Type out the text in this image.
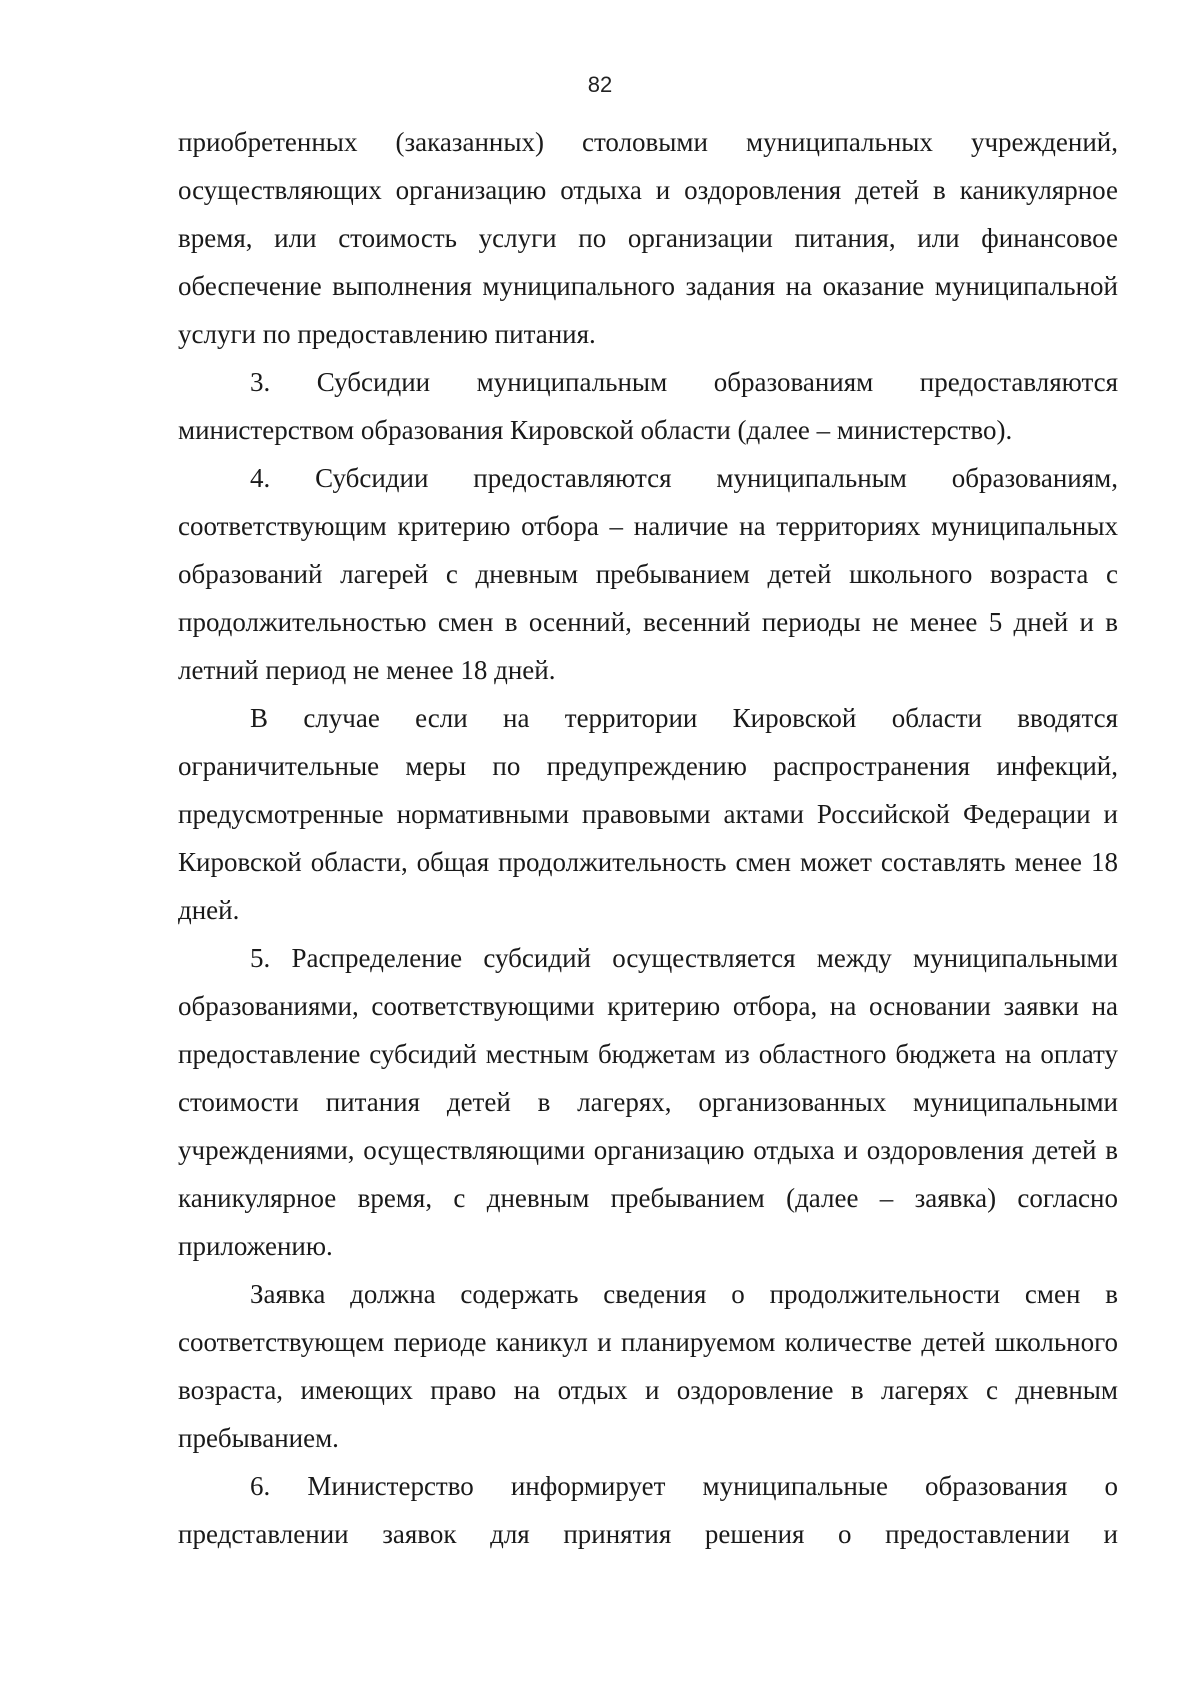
82

приобретенных (заказанных) столовыми муниципальных учреждений, осуществляющих организацию отдыха и оздоровления детей в каникулярное время, или стоимость услуги по организации питания, или финансовое обеспечение выполнения муниципального задания на оказание муниципальной услуги по предоставлению питания.

3. Субсидии муниципальным образованиям предоставляются министерством образования Кировской области (далее – министерство).

4. Субсидии предоставляются муниципальным образованиям, соответствующим критерию отбора – наличие на территориях муниципальных образований лагерей с дневным пребыванием детей школьного возраста с продолжительностью смен в осенний, весенний периоды не менее 5 дней и в летний период не менее 18 дней.

В случае если на территории Кировской области вводятся ограничительные меры по предупреждению распространения инфекций, предусмотренные нормативными правовыми актами Российской Федерации и Кировской области, общая продолжительность смен может составлять менее 18 дней.

5. Распределение субсидий осуществляется между муниципальными образованиями, соответствующими критерию отбора, на основании заявки на предоставление субсидий местным бюджетам из областного бюджета на оплату стоимости питания детей в лагерях, организованных муниципальными учреждениями, осуществляющими организацию отдыха и оздоровления детей в каникулярное время, с дневным пребыванием (далее – заявка) согласно приложению.

Заявка должна содержать сведения о продолжительности смен в соответствующем периоде каникул и планируемом количестве детей школьного возраста, имеющих право на отдых и оздоровление в лагерях с дневным пребыванием.

6. Министерство информирует муниципальные образования о представлении заявок для принятия решения о предоставлении и
